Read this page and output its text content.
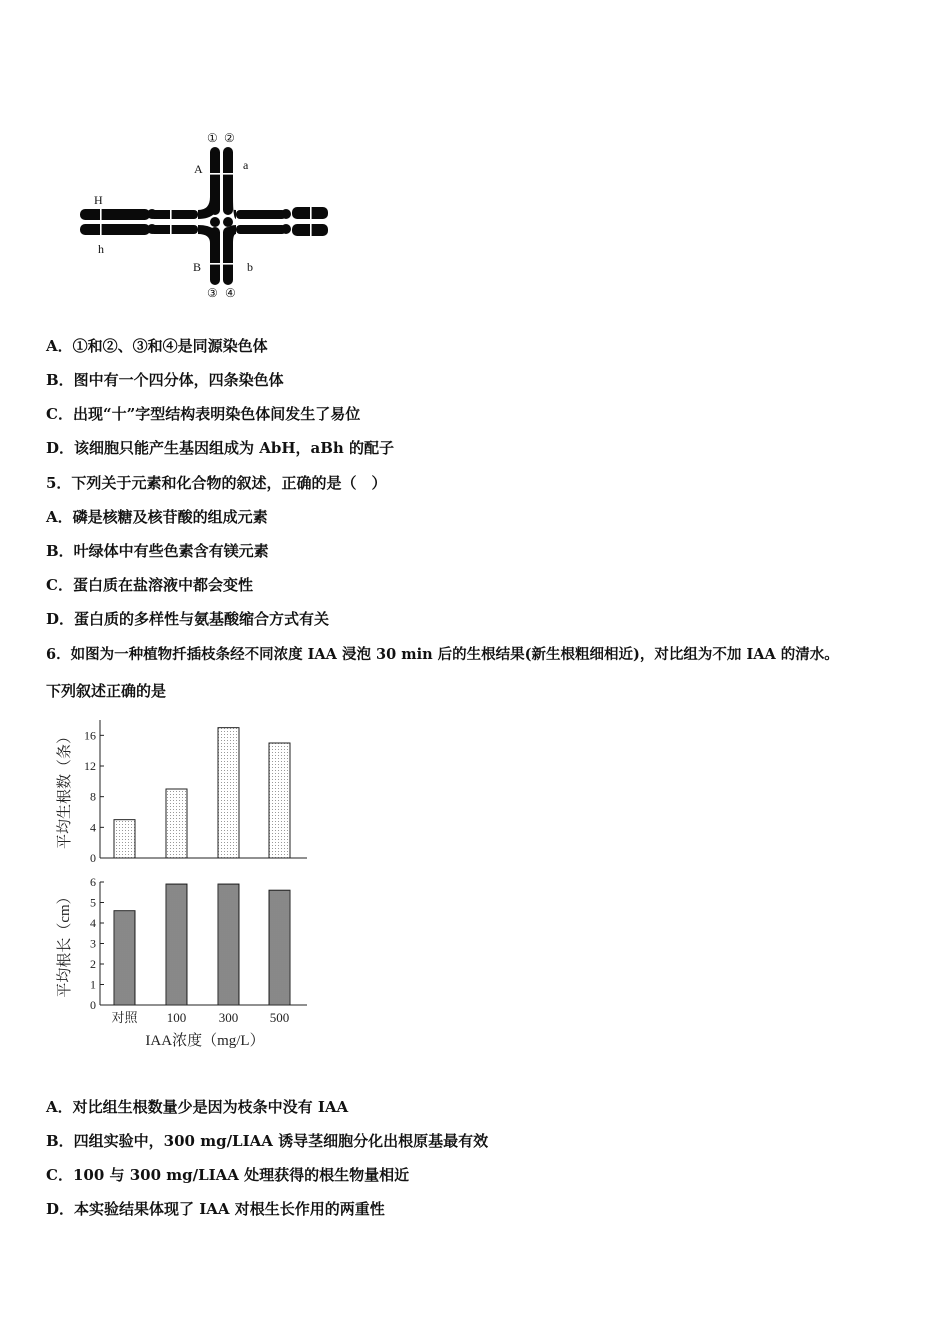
① ②
A	a
H
h
B	b
③ ④
A．①和②、③和④是同源染色体
B．图中有一个四分体，四条染色体
C．出现“十”字型结构表明染色体间发生了易位
D．该细胞只能产生基因组成为 AbH，aBh 的配子
5．下列关于元素和化合物的叙述，正确的是（　）
A．磷是核糖及核苷酸的组成元素
B．叶绿体中有些色素含有镁元素
C．蛋白质在盐溶液中都会变性
D．蛋白质的多样性与氨基酸缩合方式有关
6．如图为一种植物扦插枝条经不同浓度 IAA 浸泡 30 min 后的生根结果(新生根粗细相近)，对比组为不加 IAA 的清水。
下列叙述正确的是
0
4
8
12
16
平均生根数（条）
0
1
2
3
4
5
6
平均根长（cm）
对照 100	300 500
IAA浓度（mg/L）
A．对比组生根数量少是因为枝条中没有 IAA
B．四组实验中，300 mg/LIAA 诱导茎细胞分化出根原基最有效
C．100 与 300 mg/LIAA 处理获得的根生物量相近
D．本实验结果体现了 IAA 对根生长作用的两重性
